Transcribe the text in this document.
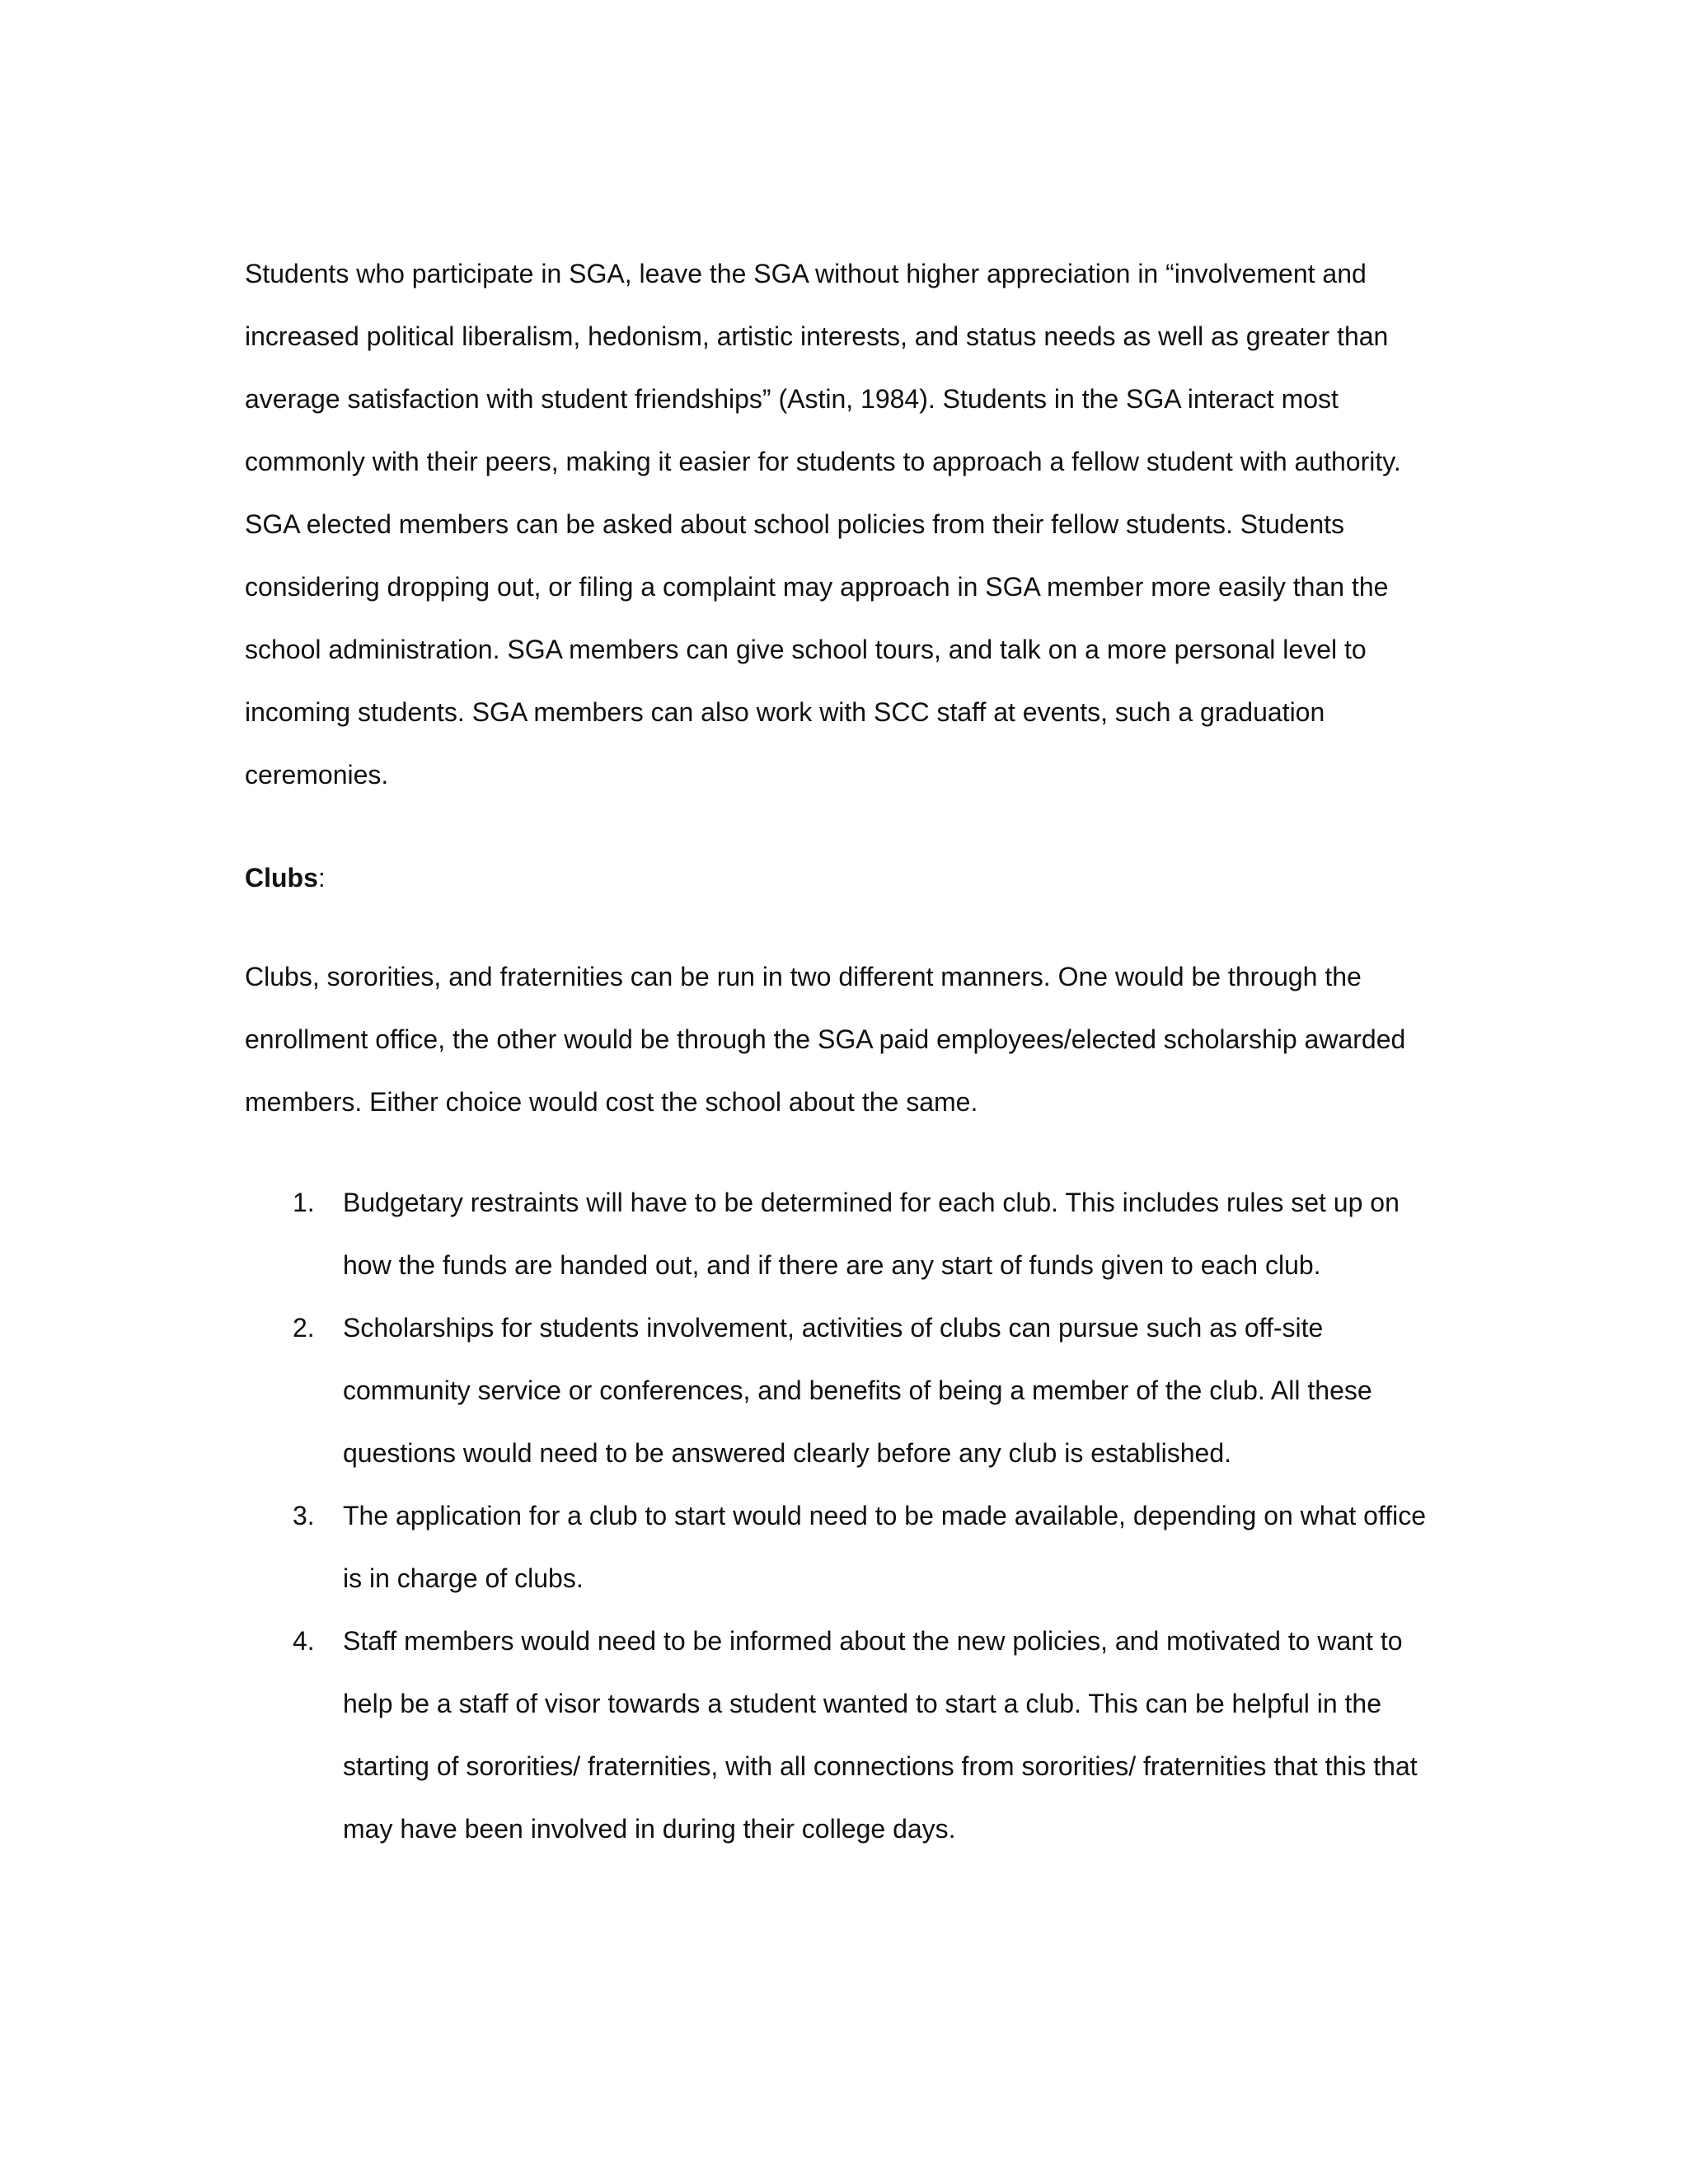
Students who participate in SGA, leave the SGA without higher appreciation in “involvement and
increased political liberalism, hedonism, artistic interests, and status needs as well as greater than
average satisfaction with student friendships” (Astin, 1984). Students in the SGA interact most
commonly with their peers, making it easier for students to approach a fellow student with authority.
SGA elected members can be asked about school policies from their fellow students. Students
considering dropping out, or filing a complaint may approach in SGA member more easily than the
school administration. SGA members can give school tours, and talk on a more personal level to
incoming students. SGA members can also work with SCC staff at events, such a graduation
ceremonies.
Clubs:
Clubs, sororities, and fraternities can be run in two different manners. One would be through the
enrollment office, the other would be through the SGA paid employees/elected scholarship awarded
members. Either choice would cost the school about the same.
1. Budgetary restraints will have to be determined for each club. This includes rules set up on
how the funds are handed out, and if there are any start of funds given to each club.
2. Scholarships for students involvement, activities of clubs can pursue such as off-site
community service or conferences, and benefits of being a member of the club. All these
questions would need to be answered clearly before any club is established.
3. The application for a club to start would need to be made available, depending on what office
is in charge of clubs.
4. Staff members would need to be informed about the new policies, and motivated to want to
help be a staff of visor towards a student wanted to start a club. This can be helpful in the
starting of sororities/ fraternities, with all connections from sororities/ fraternities that this that
may have been involved in during their college days.
